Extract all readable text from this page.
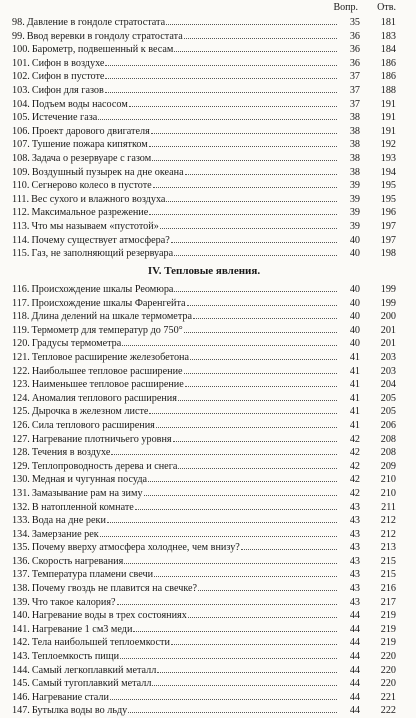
Вопр. Отв.
98. Давление в гондоле стратостата	35	181
99. Ввод веревки в гондолу стратостата	36	183
100. Барометр, подвешенный к весам	36	184
101. Сифон в воздухе	36	186
102. Сифон в пустоте	37	186
103. Сифон для газов	37	188
104. Подъем воды насосом	37	191
105. Истечение газа	38	191
106. Проект дарового двигателя	38	191
107. Тушение пожара кипятком	38	192
108. Задача о резервуаре с газом	38	193
109. Воздушный пузырек на дне океана	38	194
110. Сегнерово колесо в пустоте	39	195
111. Вес сухого и влажного воздуха	39	195
112. Максимальное разрежение	39	196
113. Что мы называем «пустотой»	39	197
114. Почему существует атмосфера?	40	197
115. Газ, не заполняющий резервуара	40	198
IV. Тепловые явления.
116. Происхождение шкалы Реомюра	40	199
117. Происхождение шкалы Фаренгейта	40	199
118. Длина делений на шкале термометра	40	200
119. Термометр для температур до 750°	40	201
120. Градусы термометра	40	201
121. Тепловое расширение железобетона	41	203
122. Наибольшее тепловое расширение	41	203
123. Наименьшее тепловое расширение	41	204
124. Аномалия теплового расширения	41	205
125. Дырочка в железном листе	41	205
126. Сила теплового расширения	41	206
127. Нагревание плотничьего уровня	42	208
128. Течения в воздухе	42	208
129. Теплопроводность дерева и снега	42	209
130. Медная и чугунная посуда	42	210
131. Замазывание рам на зиму	42	210
132. В натопленной комнате	43	211
133. Вода на дне реки	43	212
134. Замерзание рек	43	212
135. Почему вверху атмосфера холоднее, чем внизу?	43	213
136. Скорость нагревания	43	215
137. Температура пламени свечи	43	215
138. Почему гвоздь не плавится на свечке?	43	216
139. Что такое калория?	43	217
140. Нагревание воды в трех состояниях	44	219
141. Нагревание 1 см3 меди	44	219
142. Тела наибольшей теплоемкости	44	219
143. Теплоемкость пищи	44	220
144. Самый легкоплавкий металл	44	220
145. Самый тугоплавкий металл	44	220
146. Нагревание стали	44	221
147. Бутылка воды во льду	44	222
